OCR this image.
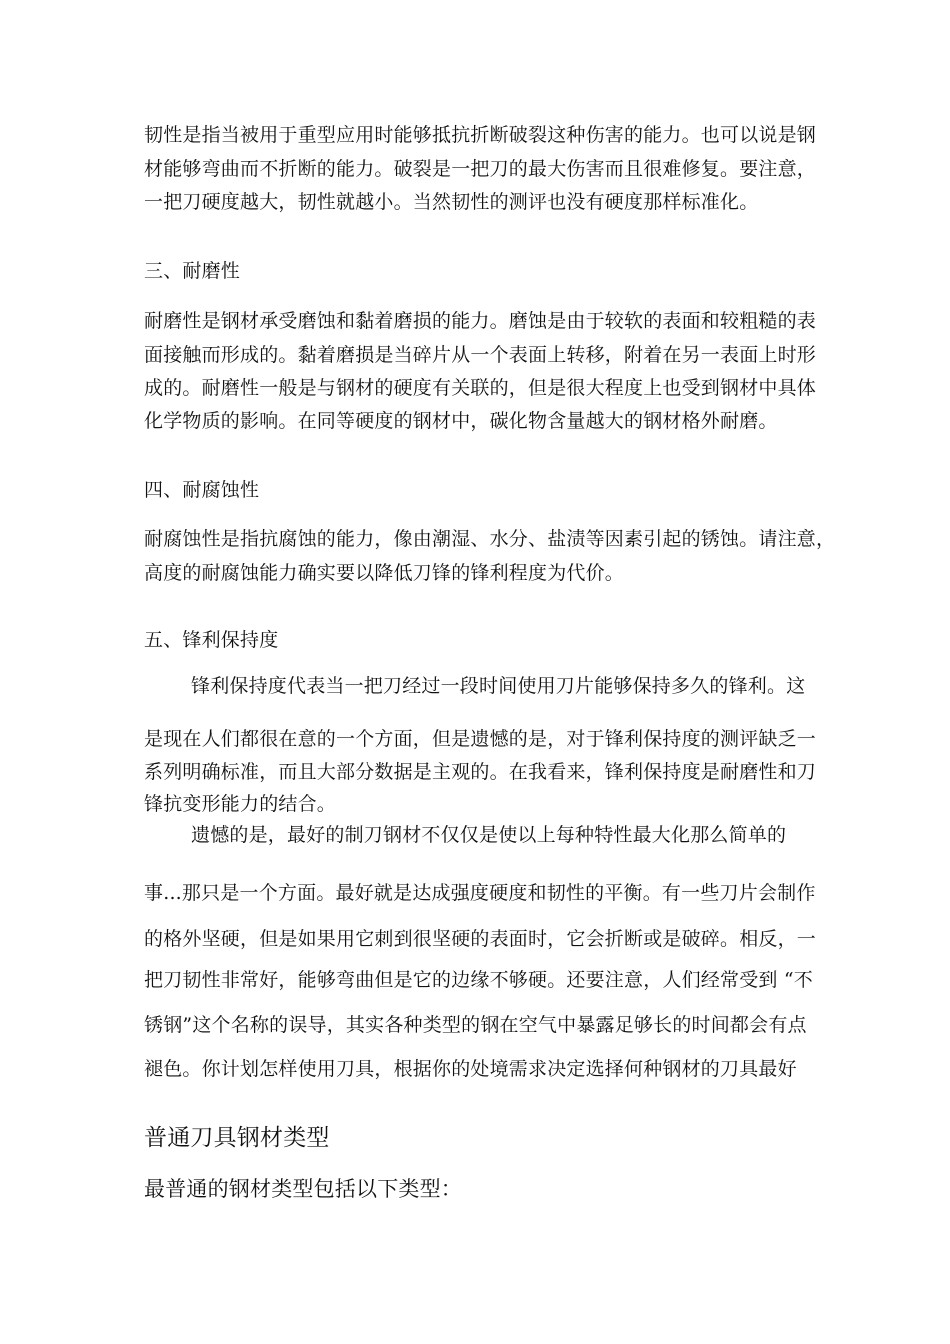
韧性是指当被用于重型应用时能够抵抗折断破裂这种伤害的能力。也可以说是钢
材能够弯曲而不折断的能力。破裂是一把刀的最大伤害而且很难修复。要注意，
一把刀硬度越大，韧性就越小。当然韧性的测评也没有硬度那样标准化。
三、耐磨性
耐磨性是钢材承受磨蚀和黏着磨损的能力。磨蚀是由于较软的表面和较粗糙的表
面接触而形成的。黏着磨损是当碎片从一个表面上转移，附着在另一表面上时形
成的。耐磨性一般是与钢材的硬度有关联的，但是很大程度上也受到钢材中具体
化学物质的影响。在同等硬度的钢材中，碳化物含量越大的钢材格外耐磨。
四、耐腐蚀性
耐腐蚀性是指抗腐蚀的能力，像由潮湿、水分、盐渍等因素引起的锈蚀。请注意，
高度的耐腐蚀能力确实要以降低刀锋的锋利程度为代价。
五、锋利保持度
锋利保持度代表当一把刀经过一段时间使用刀片能够保持多久的锋利。这
是现在人们都很在意的一个方面，但是遗憾的是，对于锋利保持度的测评缺乏一
系列明确标准，而且大部分数据是主观的。在我看来，锋利保持度是耐磨性和刀
锋抗变形能力的结合。
遗憾的是，最好的制刀钢材不仅仅是使以上每种特性最大化那么简单的
事...那只是一个方面。最好就是达成强度硬度和韧性的平衡。有一些刀片会制作
的格外坚硬，但是如果用它刺到很坚硬的表面时，它会折断或是破碎。相反，一
把刀韧性非常好，能够弯曲但是它的边缘不够硬。还要注意，人们经常受到 “不
锈钢”这个名称的误导，其实各种类型的钢在空气中暴露足够长的时间都会有点
褪色。你计划怎样使用刀具，根据你的处境需求决定选择何种钢材的刀具最好
普通刀具钢材类型
最普通的钢材类型包括以下类型：
